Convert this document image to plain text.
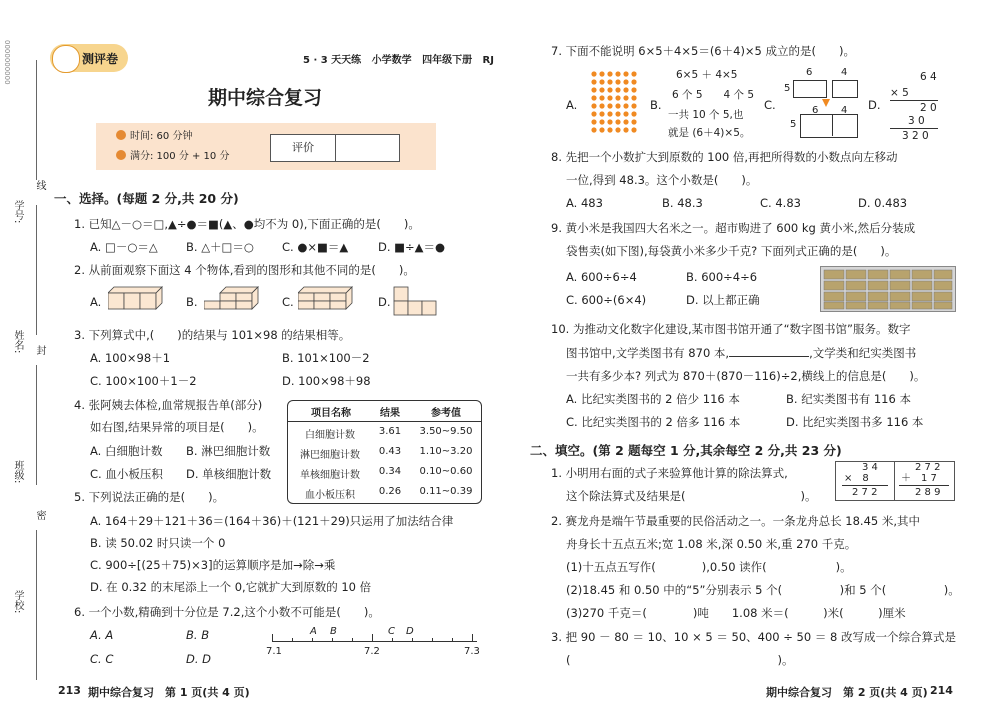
0000000000
学号:
线
姓名: 封
班级:
密
学校:
测评卷	5 · 3 天天练 小学数学 四年级下册 RJ
期中综合复习
时间: 60 分钟
满分: 100 分 + 10 分
评价
一、选择。(每题 2 分,共 20 分)
1. 已知△－○＝□,▲÷●＝■(▲、●均不为 0),下面正确的是(　　)。
A. □－○＝△ B. △＋□＝○ C. ●×■＝▲	D. ■÷▲＝●
2. 从前面观察下面这 4 个物体,看到的图形和其他不同的是(　　)。
A.	B.	C.	D.
3. 下列算式中,(　　)的结果与 101×98 的结果相等。
A. 100×98＋1	B. 101×100－2
C. 100×100＋1－2	D. 100×98＋98
4. 张阿姨去体检,血常规报告单(部分)
如右图,结果异常的项目是(　　)。
A. 白细胞计数 B. 淋巴细胞计数
C. 血小板压积 D. 单核细胞计数
项目名称	结果	参考值
白细胞计数	3.61	3.50~9.50
淋巴细胞计数	0.43	1.10~3.20
单核细胞计数	0.34	0.10~0.60
血小板压积	0.26	0.11~0.39
5. 下列说法正确的是(　　)。
A. 164＋29＋121＋36＝(164＋36)＋(121＋29)只运用了加法结合律
B. 读 50.02 时只读一个 0
C. 900÷[(25＋75)×3]的运算顺序是加→除→乘
D. 在 0.32 的末尾添上一个 0,它就扩大到原数的 10 倍
6. 一个小数,精确到十分位是 7.2,这个小数不可能是(　　)。
A. A	B. B
C. C	D. D
A B	C D
7.1	7.2	7.3
7. 下面不能说明 6×5＋4×5＝(6＋4)×5 成立的是(　　)。
A.	B.
6×5 ＋ 4×5
6 个 5　　4 个 5
一共 10 个 5,也
就是 (6＋4)×5。
C.
6	4
5
5
6 4 D.
6 4
× 5
2 0
3 0
3 2 0
8. 先把一个小数扩大到原数的 100 倍,再把所得数的小数点向左移动
一位,得到 48.3。这个小数是(　　)。
A. 483	B. 48.3	C. 4.83	D. 0.483
9. 黄小米是我国四大名米之一。超市购进了 600 kg 黄小米,然后分装成
袋售卖(如下图),每袋黄小米多少千克? 下面列式正确的是(　　)。
A. 600÷6÷4	B. 600÷4÷6
C. 600÷(6×4)	D. 以上都正确
10. 为推动文化数字化建设,某市图书馆开通了“数字图书馆”服务。数字
图书馆中,文学类图书有 870 本,	,文学类和纪实类图书
一共有多少本? 列式为 870＋(870－116)÷2,横线上的信息是(　　)。
A. 比纪实类图书的 2 倍少 116 本	B. 纪实类图书有 116 本
C. 比纪实类图书的 2 倍多 116 本	D. 比纪实类图书多 116 本
二、填空。(第 2 题每空 1 分,其余每空 2 分,共 23 分)
1. 小明用右面的式子来验算他计算的除法算式,
这个除法算式及结果是(　　　　　　　　　　)。
3 4
×　8
2 7 2
2 7 2
＋　1 7
2 8 9
2. 赛龙舟是端午节最重要的民俗活动之一。一条龙舟总长 18.45 米,其中
舟身长十五点五米;宽 1.08 米,深 0.50 米,重 270 千克。
(1)十五点五写作(　　　　),0.50 读作(　　　　　　)。
(2)18.45 和 0.50 中的“5”分别表示 5 个(　　　　　)和 5 个(　　　　　)。
(3)270 千克＝(　　　　)吨　　1.08 米＝(　　　)米(　　　)厘米
3. 把 90 － 80 ＝ 10、10 × 5 ＝ 50、400 ÷ 50 ＝ 8 改写成一个综合算式是
(　　　　　　　　　　　　　　　　　　)。
213 期中综合复习　第 1 页(共 4 页)	期中综合复习　第 2 页(共 4 页) 214
